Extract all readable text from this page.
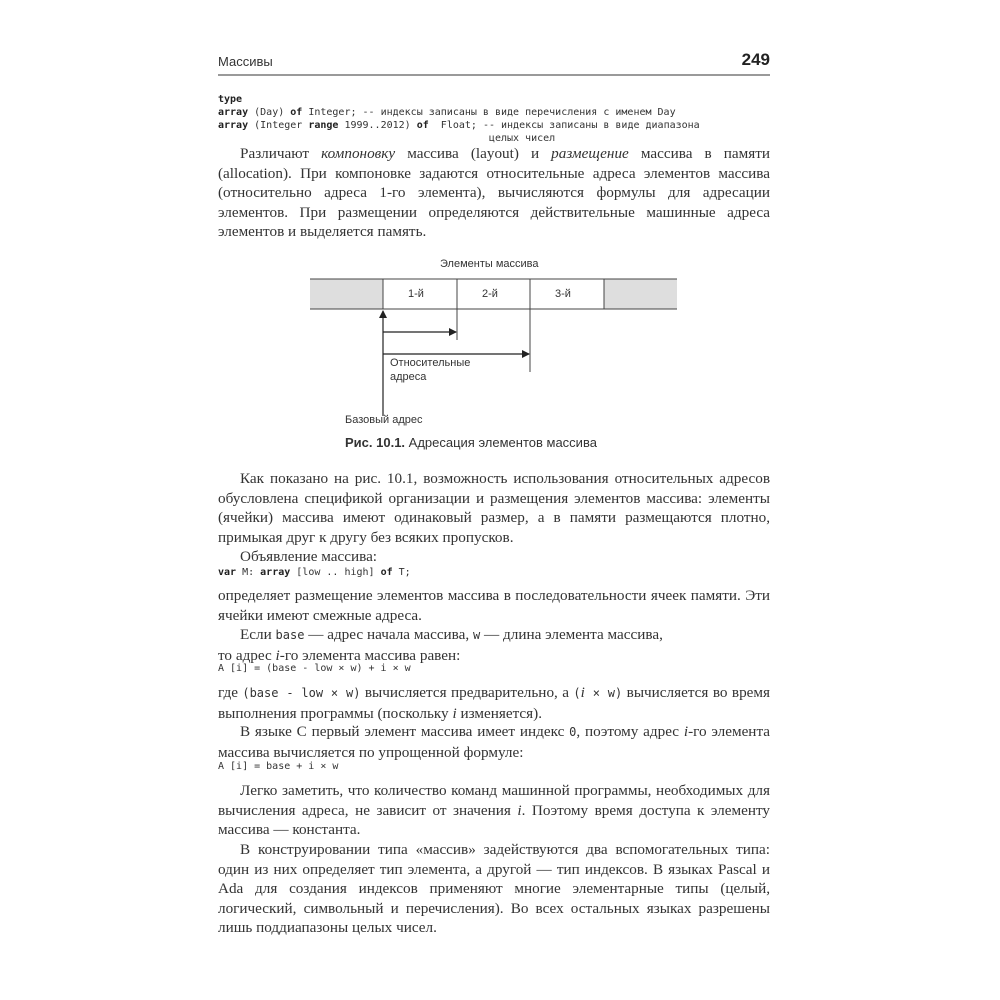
Массивы	249
type
array (Day) of Integer; -- индексы записаны в виде перечисления с именем Day
array (Integer range 1999..2012) of  Float; -- индексы записаны в виде диапазона
целых чисел

Различают компоновку массива (layout) и размещение массива в памяти (allocation). При компоновке задаются относительные адреса элементов массива (относительно адреса 1-го элемента), вычисляются формулы для адресации элементов. При размещении определяются действительные машинные адреса элементов и выделяется память.

Элементы массива
1-й	2-й	3-й
Относительные
адреса
Базовый адрес
Рис. 10.1. Адресация элементов массива

Как показано на рис. 10.1, возможность использования относительных адресов обусловлена спецификой организации и размещения элементов массива: элементы (ячейки) массива имеют одинаковый размер, а в памяти размещаются плотно, примыкая друг к другу без всяких пропусков.

Объявление массива:

var M: array [low .. high] of T;

определяет размещение элементов массива в последовательности ячеек памяти. Эти ячейки имеют смежные адреса.

Если base — адрес начала массива, w — длина элемента массива,
то адрес i-го элемента массива равен:

A [i] = (base - low × w) + i × w

где (base - low × w) вычисляется предварительно, а (i × w) вычисляется во время выполнения программы (поскольку i изменяется).

В языке С первый элемент массива имеет индекс 0, поэтому адрес i-го элемента массива вычисляется по упрощенной формуле:

A [i] = base + i × w

Легко заметить, что количество команд машинной программы, необходимых для вычисления адреса, не зависит от значения i. Поэтому время доступа к элементу массива — константа.

В конструировании типа «массив» задействуются два вспомогательных типа: один из них определяет тип элемента, а другой — тип индексов. В языках Pascal и Ada для создания индексов применяют многие элементарные типы (целый, логический, символьный и перечисления). Во всех остальных языках разрешены лишь поддиапазоны целых чисел.
